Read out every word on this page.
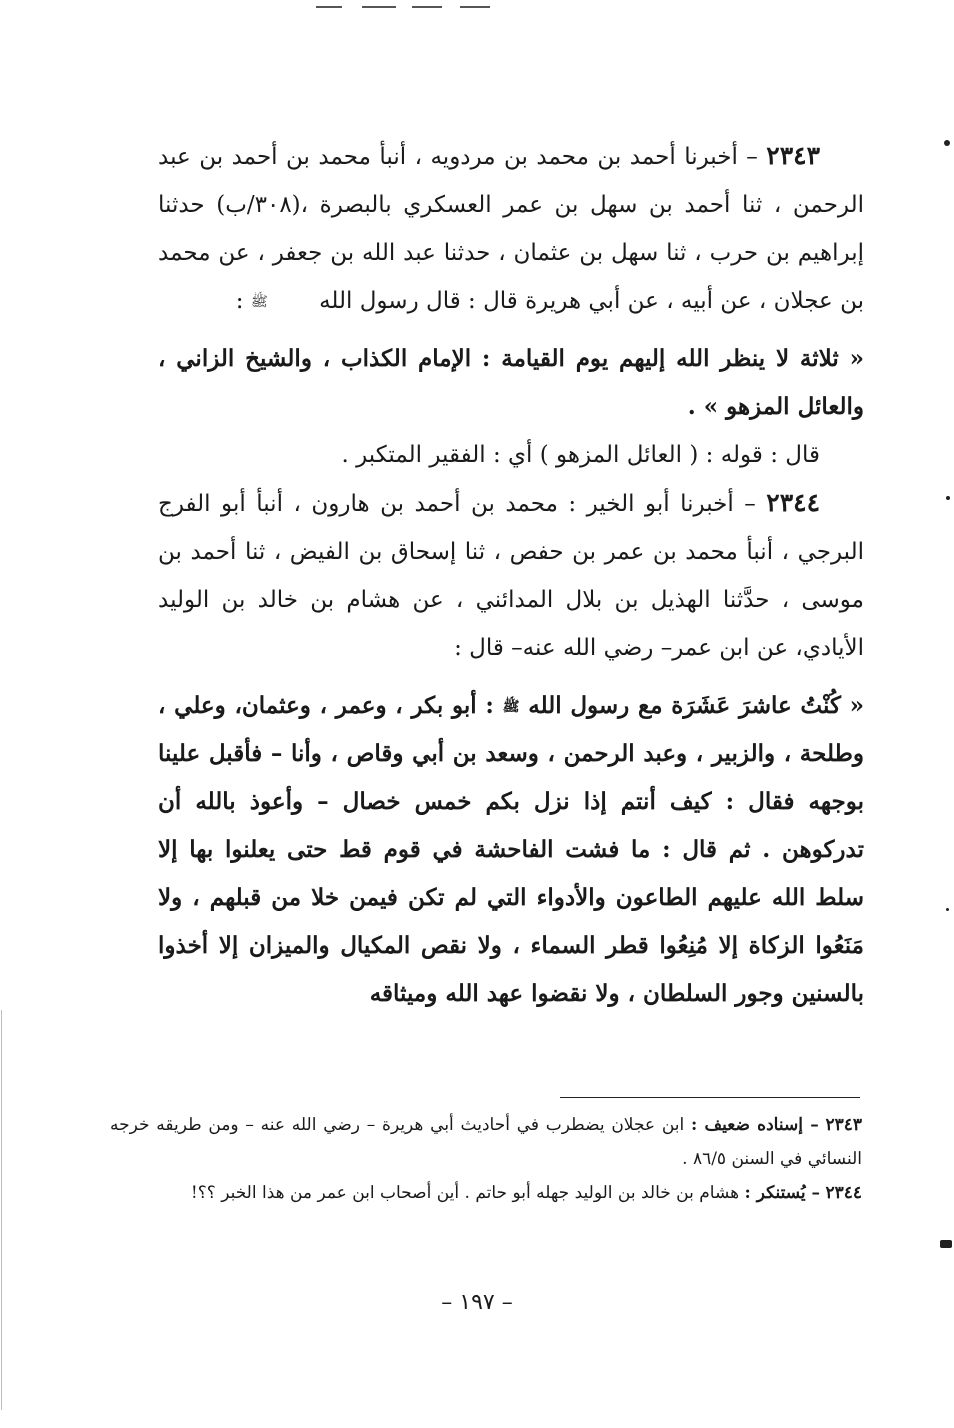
٢٣٤٣ – أخبرنا أحمد بن محمد بن مردويه ، أنبأ محمد بن أحمد بن عبد الرحمن ، ثنا أحمد بن سهل بن عمر العسكري بالبصرة ،(٣٠٨/ب) حدثنا إبراهيم بن حرب ، ثنا سهل بن عثمان ، حدثنا عبد الله بن جعفر ، عن محمد بن عجلان ، عن أبيه ، عن أبي هريرة قال : قال رسول الله ﷺ :

« ثلاثة لا ينظر الله إليهم يوم القيامة : الإمام الكذاب ، والشيخ الزاني ، والعائل المزهو » .

قال : قوله : ( العائل المزهو ) أي : الفقير المتكبر .

٢٣٤٤ – أخبرنا أبو الخير : محمد بن أحمد بن هارون ، أنبأ أبو الفرج البرجي ، أنبأ محمد بن عمر بن حفص ، ثنا إسحاق بن الفيض ، ثنا أحمد بن موسى ، حدَّثنا الهذيل بن بلال المدائني ، عن هشام بن خالد بن الوليد الأيادي، عن ابن عمر– رضي الله عنه– قال :

« كُنْتُ عاشرَ عَشَرَة مع رسول الله ﷺ : أبو بكر ، وعمر ، وعثمان، وعلي ، وطلحة ، والزبير ، وعبد الرحمن ، وسعد بن أبي وقاص ، وأنا – فأقبل علينا بوجهه فقال : كيف أنتم إذا نزل بكم خمس خصال – وأعوذ بالله أن تدركوهن . ثم قال : ما فشت الفاحشة في قوم قط حتى يعلنوا بها إلا سلط الله عليهم الطاعون والأدواء التي لم تكن فيمن خلا من قبلهم ، ولا مَنَعُوا الزكاة إلا مُنِعُوا قطر السماء ، ولا نقص المكيال والميزان إلا أخذوا بالسنين وجور السلطان ، ولا نقضوا عهد الله وميثاقه

٢٣٤٣ – إسناده ضعيف : ابن عجلان يضطرب في أحاديث أبي هريرة – رضي الله عنه – ومن طريقه خرجه النسائي في السنن ٨٦/٥ .

٢٣٤٤ – يُستنكر : هشام بن خالد بن الوليد جهله أبو حاتم . أين أصحاب ابن عمر من هذا الخبر ؟؟!

– ١٩٧ –
